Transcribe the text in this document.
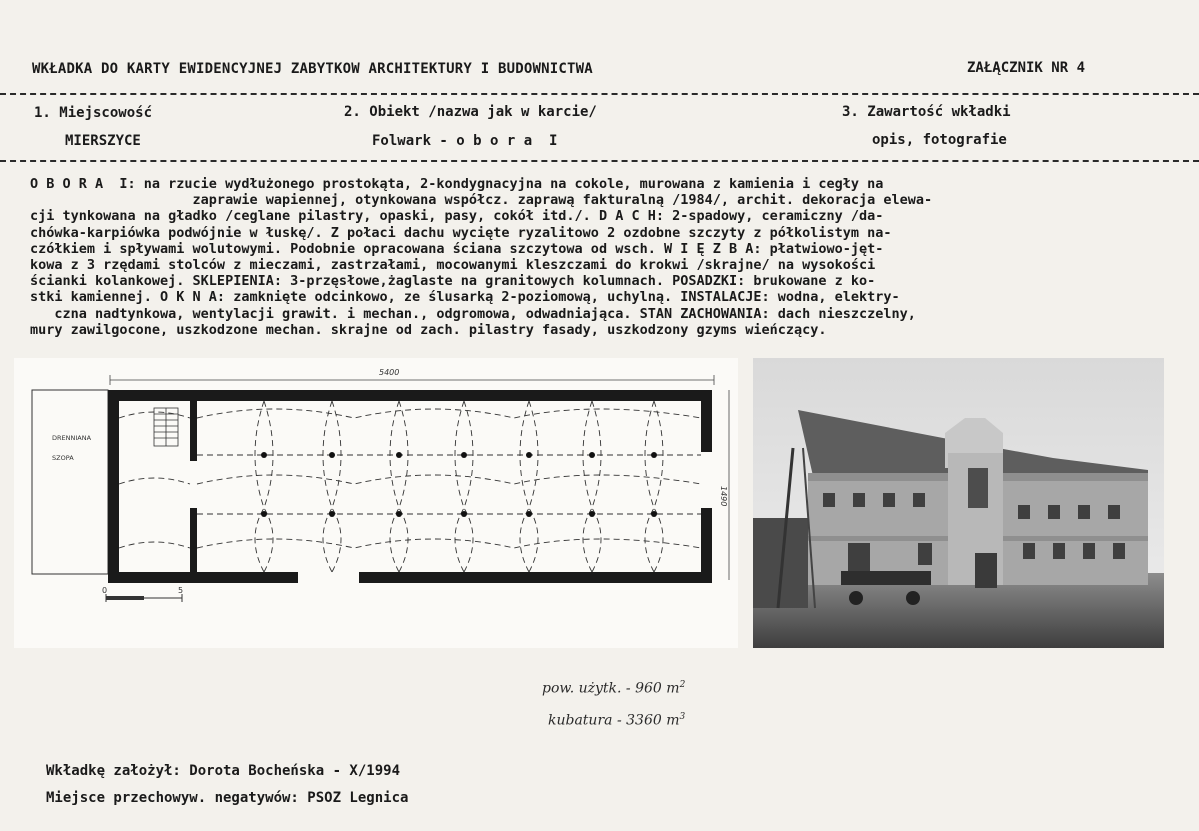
WKŁADKA DO KARTY EWIDENCYJNEJ ZABYTKOW ARCHITEKTURY I BUDOWNICTWA	ZAŁĄCZNIK NR 4
1. Miejscowość
MIERSZYCE
2. Obiekt /nazwa jak w karcie/
Folwark - o b o r a  I
3. Zawartość wkładki
opis, fotografie
O B O R A  I: na rzucie wydłużonego prostokąta, 2-kondygnacyjna na cokole, murowana z kamienia i cegły na
zaprawie wapiennej, otynkowana współcz. zaprawą fakturalną /1984/, archit. dekoracja elewa-
cji tynkowana na gładko /ceglane pilastry, opaski, pasy, cokół itd./. D A C H: 2-spadowy, ceramiczny /da-
chówka-karpiówka podwójnie w łuskę/. Z połaci dachu wycięte ryzalitowo 2 ozdobne szczyty z półkolistym na-
czółkiem i spływami wolutowymi. Podobnie opracowana ściana szczytowa od wsch. W I Ę Z B A: płatwiowo-jęt-
kowa z 3 rzędami stolców z mieczami, zastrzałami, mocowanymi kleszczami do krokwi /skrajne/ na wysokości
ścianki kolankowej. SKLEPIENIA: 3-przęsłowe,żaglaste na granitowych kolumnach. POSADZKI: brukowane z ko-
stki kamiennej. O K N A: zamknięte odcinkowo, ze ślusarką 2-poziomową, uchylną. INSTALACJE: wodna, elektry-
czna nadtynkowa, wentylacji grawit. i mechan., odgromowa, odwadniająca. STAN ZACHOWANIA: dach nieszczelny,
mury zawilgocone, uszkodzone mechan. skrajne od zach. pilastry fasady, uszkodzony gzyms wieńczący.
5400
1490
DRENNIANA
SZOPA
0	5
pow. użytk. - 960 $m^2$
kubatura - 3360 $m^3$
Wkładkę założył: Dorota Bocheńska - X/1994
Miejsce przechowyw. negatywów: PSOZ Legnica
